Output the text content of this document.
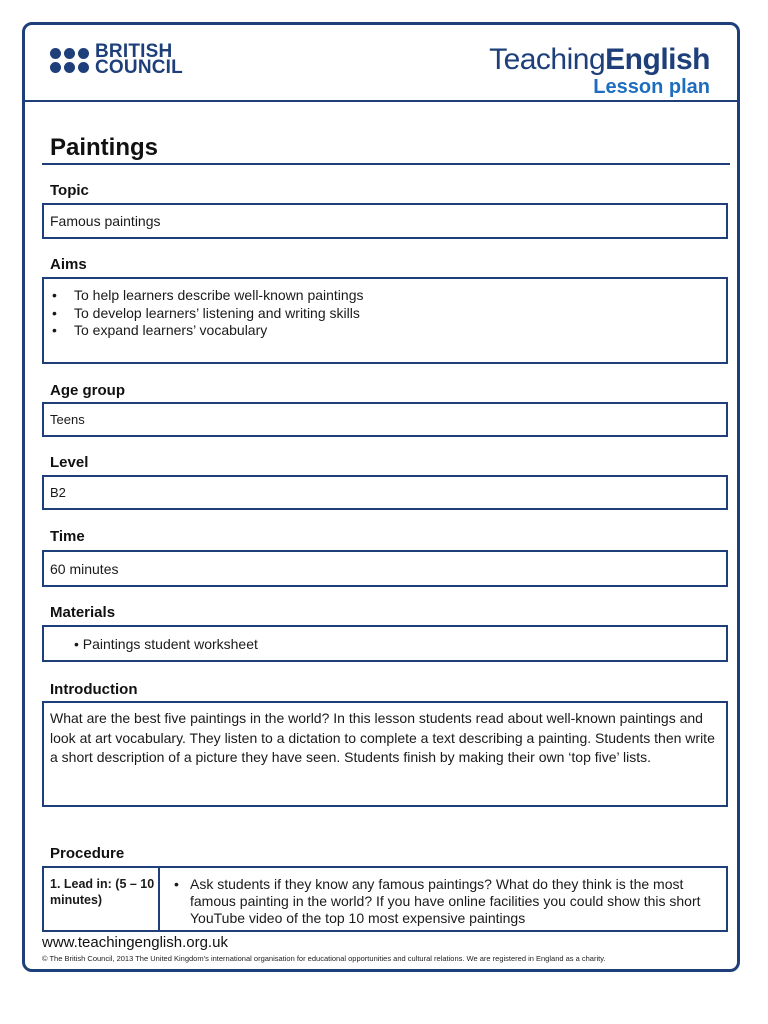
BRITISH
COUNCIL	TeachingEnglish
Lesson plan
Paintings
Topic
Famous paintings
Aims
• To help learners describe well-known paintings
• To develop learners’ listening and writing skills
• To expand learners’ vocabulary
Age group
Teens
Level
B2
Time
60 minutes
Materials
• Paintings student worksheet
Introduction
What are the best five paintings in the world? In this lesson students read about well-known paintings and look at art vocabulary. They listen to a dictation to complete a text describing a painting. Students then write a short description of a picture they have seen. Students finish by making their own ‘top five’ lists.
Procedure
1. Lead in: (5 – 10 minutes)
• Ask students if they know any famous paintings? What do they think is the most famous painting in the world? If you have online facilities you could show this short YouTube video of the top 10 most expensive paintings
www.teachingenglish.org.uk
© The British Council, 2013 The United Kingdom’s international organisation for educational opportunities and cultural relations. We are registered in England as a charity.
